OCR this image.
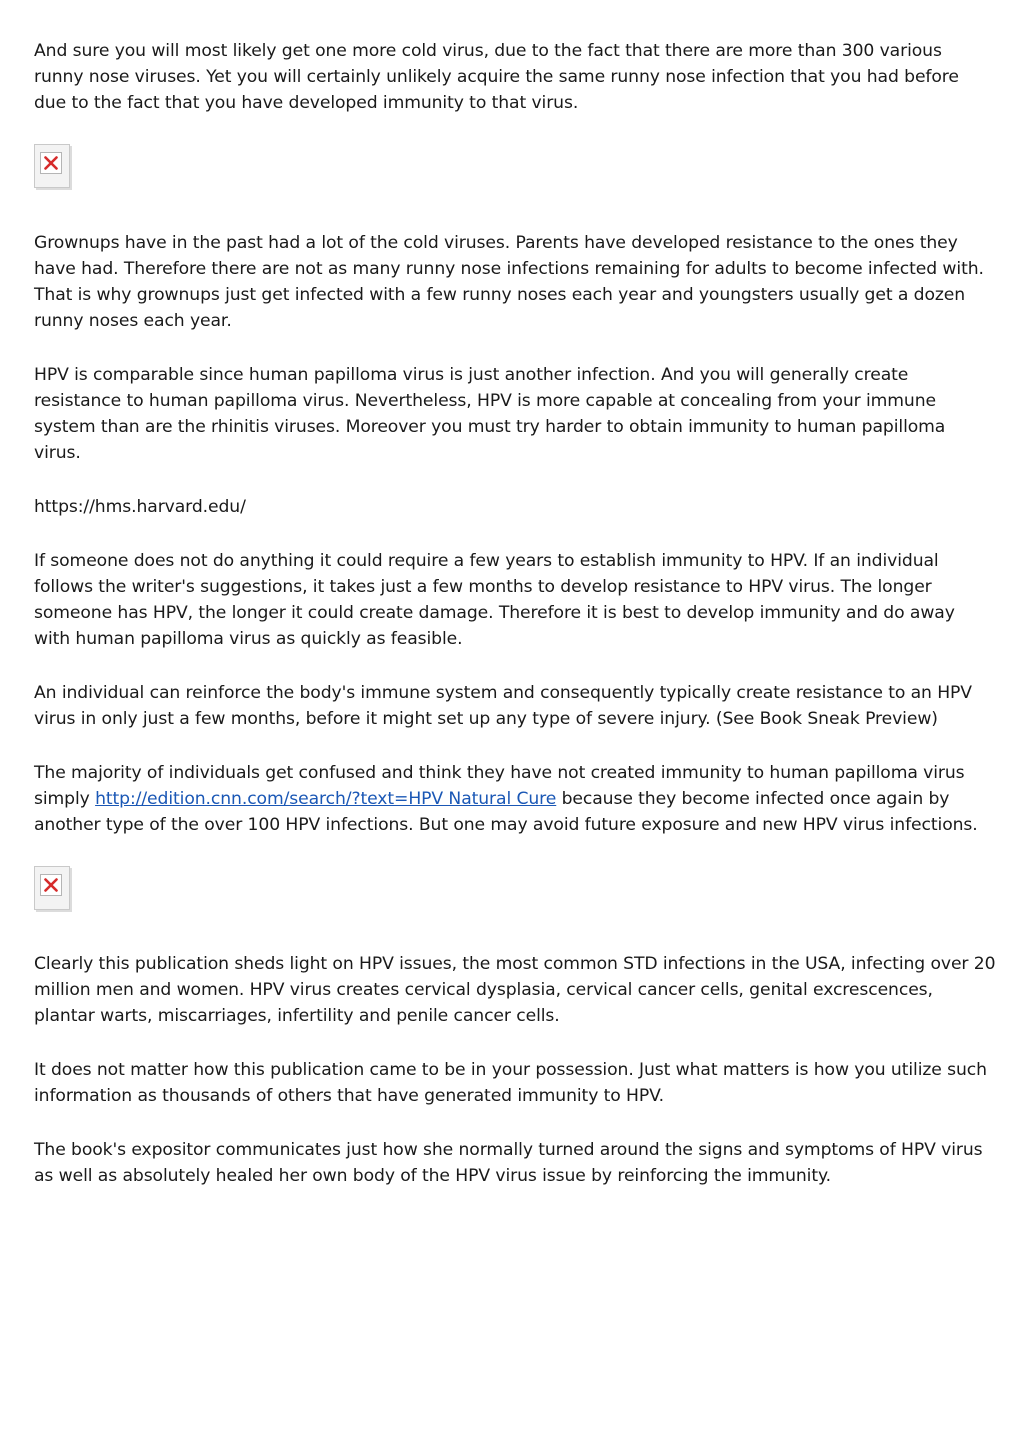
And sure you will most likely get one more cold virus, due to the fact that there are more than 300 various runny nose viruses. Yet you will certainly unlikely acquire the same runny nose infection that you had before due to the fact that you have developed immunity to that virus.

Grownups have in the past had a lot of the cold viruses. Parents have developed resistance to the ones they have had. Therefore there are not as many runny nose infections remaining for adults to become infected with. That is why grownups just get infected with a few runny noses each year and youngsters usually get a dozen runny noses each year.

HPV is comparable since human papilloma virus is just another infection. And you will generally create resistance to human papilloma virus. Nevertheless, HPV is more capable at concealing from your immune system than are the rhinitis viruses. Moreover you must try harder to obtain immunity to human papilloma virus.

https://hms.harvard.edu/

If someone does not do anything it could require a few years to establish immunity to HPV. If an individual follows the writer's suggestions, it takes just a few months to develop resistance to HPV virus. The longer someone has HPV, the longer it could create damage. Therefore it is best to develop immunity and do away with human papilloma virus as quickly as feasible.

An individual can reinforce the body's immune system and consequently typically create resistance to an HPV virus in only just a few months, before it might set up any type of severe injury. (See Book Sneak Preview)

The majority of individuals get confused and think they have not created immunity to human papilloma virus simply http://edition.cnn.com/search/?text=HPV Natural Cure because they become infected once again by another type of the over 100 HPV infections. But one may avoid future exposure and new HPV virus infections.

Clearly this publication sheds light on HPV issues, the most common STD infections in the USA, infecting over 20 million men and women. HPV virus creates cervical dysplasia, cervical cancer cells, genital excrescences, plantar warts, miscarriages, infertility and penile cancer cells.

It does not matter how this publication came to be in your possession. Just what matters is how you utilize such information as thousands of others that have generated immunity to HPV.

The book's expositor communicates just how she normally turned around the signs and symptoms of HPV virus as well as absolutely healed her own body of the HPV virus issue by reinforcing the immunity.
